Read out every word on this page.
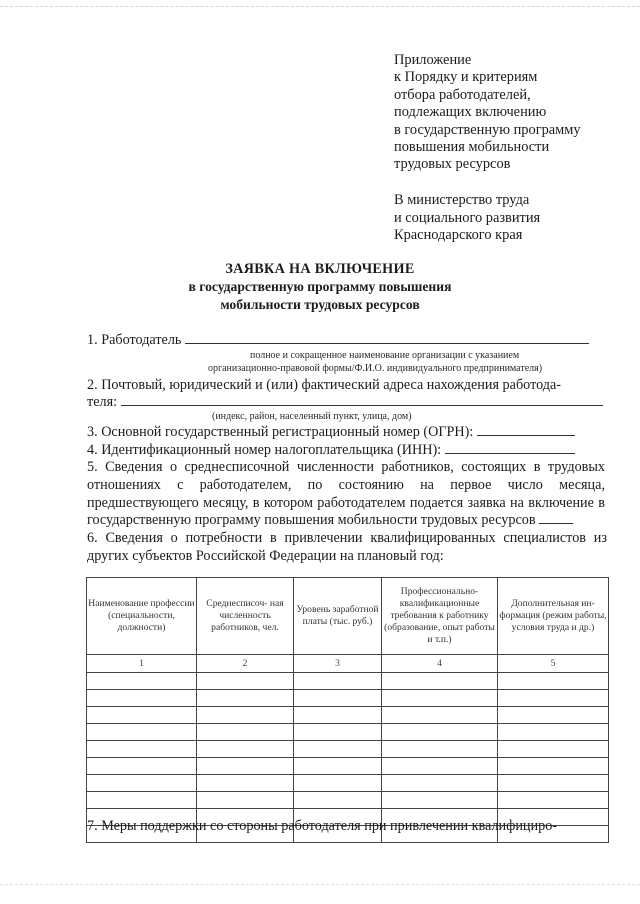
Приложение
к Порядку и критериям
отбора работодателей,
подлежащих включению
в государственную программу
повышения мобильности
трудовых ресурсов
В министерство труда
и социального развития
Краснодарского края
ЗАЯВКА НА ВКЛЮЧЕНИЕ
в государственную программу повышения
мобильности трудовых ресурсов
1. Работодатель
полное и сокращенное наименование организации с указанием
организационно-правовой формы/Ф.И.О. индивидуального предпринимателя)
2. Почтовый, юридический и (или) фактический адреса нахождения работода-
теля:
(индекс, район, населенный пункт, улица, дом)
3. Основной государственный регистрационный номер (ОГРН):
4. Идентификационный номер налогоплательщика (ИНН):
5. Сведения о среднесписочной численности работников, состоящих в трудовых отношениях с работодателем, по состоянию на первое число месяца, предшествующего месяцу, в котором работодателем подается заявка на включение в государственную программу повышения мобильности трудовых ресурсов
6. Сведения о потребности в привлечении квалифицированных специалистов из других субъектов Российской Федерации на плановый год:
Наименование профессии (специальности, должности)	Среднесписоч- ная численность работников, чел.	Уровень заработной платы (тыс. руб.)	Профессионально- квалификационные требования к работнику (образование, опыт работы и т.п.)	Дополнительная ин- формация (режим работы, условия труда и др.)
1	2	3	4	5

7. Меры поддержки со стороны работодателя при привлечении квалифициро-
